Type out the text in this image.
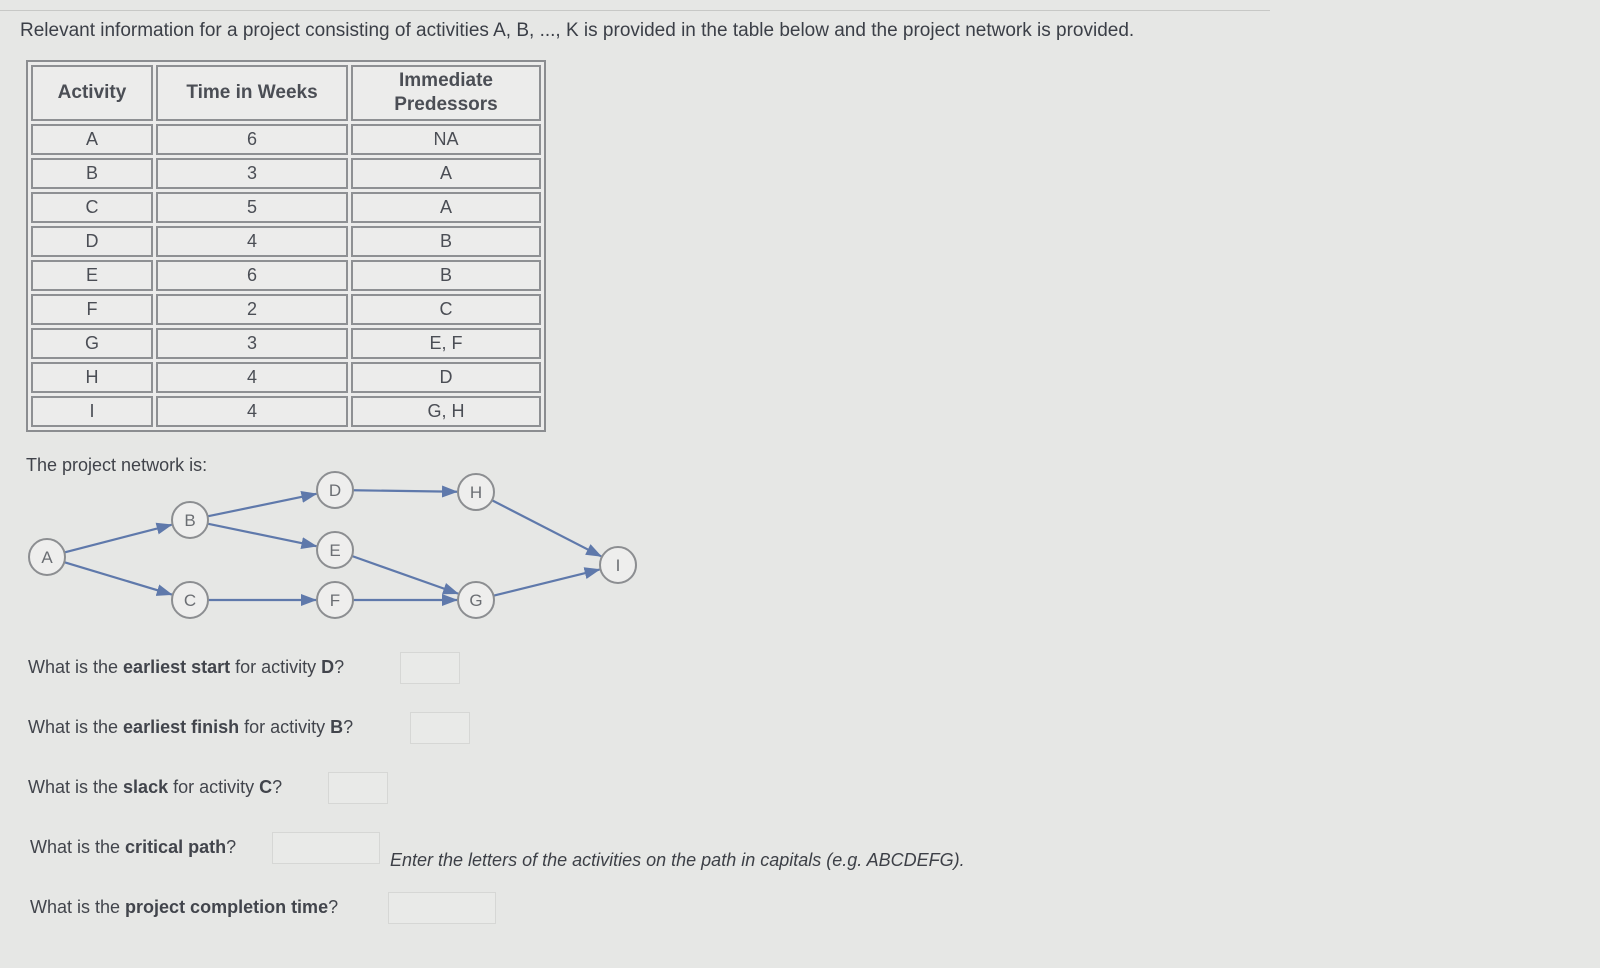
Relevant information for a project consisting of activities A, B, ..., K is provided in the table below and the project network is provided.
Activity	Time in Weeks	Immediate Predessors
A	6	NA
B	3	A
C	5	A
D	4	B
E	6	B
F	2	C
G	3	E, F
H	4	D
I	4	G, H
The project network is:
A
B
C
D
E
F	G
H
I
What is the earliest start for activity D?
What is the earliest finish for activity B?
What is the slack for activity C?
What is the critical path?
Enter the letters of the activities on the path in capitals (e.g. ABCDEFG).
What is the project completion time?
